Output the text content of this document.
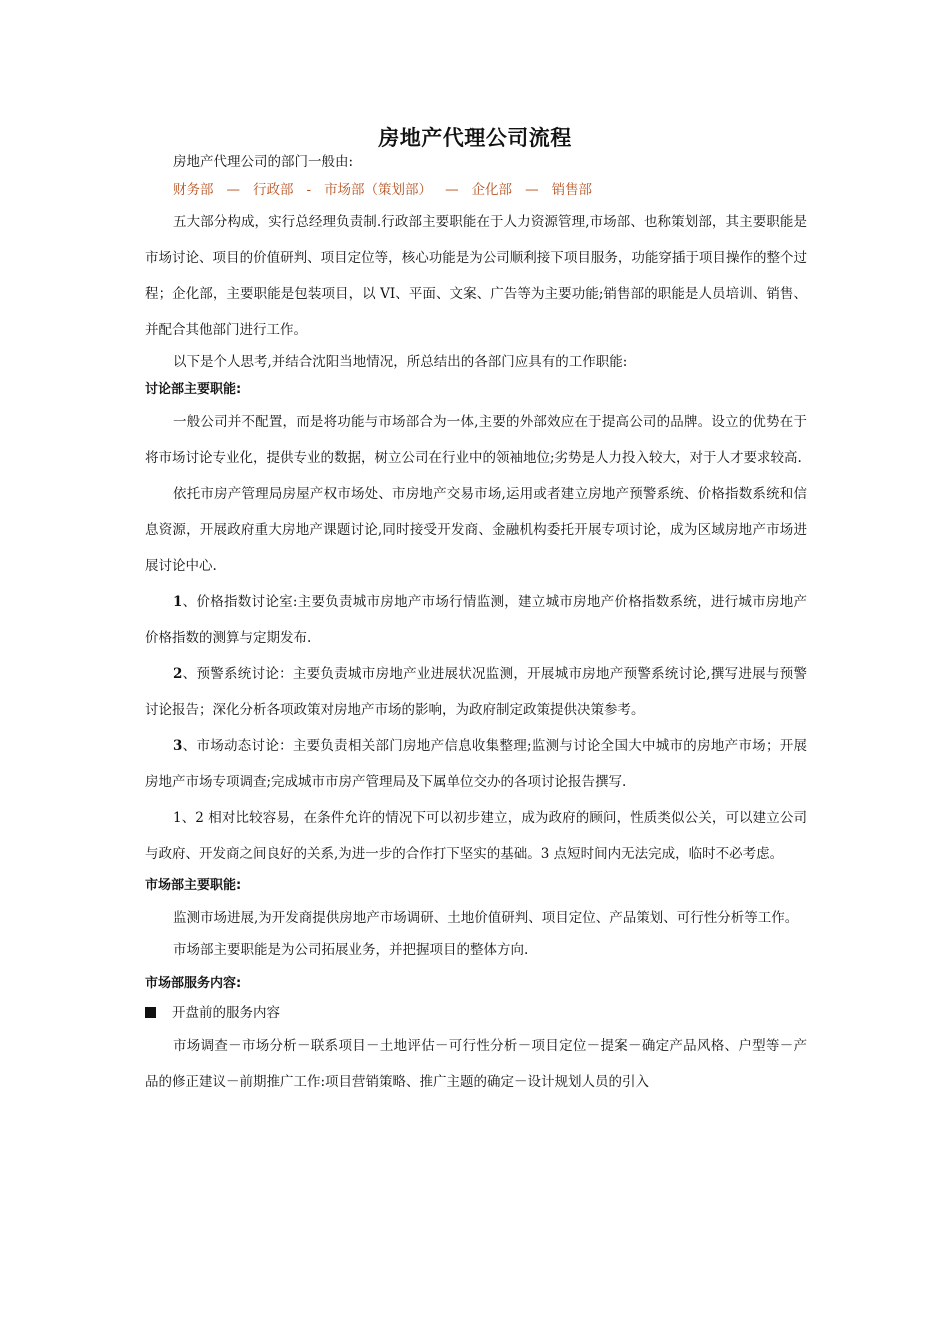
房地产代理公司流程

房地产代理公司的部门一般由:

财务部 — 行政部 - 市场部（策划部） — 企化部 — 销售部

五大部分构成，实行总经理负责制.行政部主要职能在于人力资源管理,市场部、也称策划部，其主要职能是市场讨论、项目的价值研判、项目定位等，核心功能是为公司顺利接下项目服务，功能穿插于项目操作的整个过程；企化部，主要职能是包装项目，以 VI、平面、文案、广告等为主要功能;销售部的职能是人员培训、销售、并配合其他部门进行工作。

以下是个人思考,并结合沈阳当地情况，所总结出的各部门应具有的工作职能:

讨论部主要职能:

一般公司并不配置，而是将功能与市场部合为一体,主要的外部效应在于提高公司的品牌。设立的优势在于将市场讨论专业化，提供专业的数据，树立公司在行业中的领袖地位;劣势是人力投入较大，对于人才要求较高.

依托市房产管理局房屋产权市场处、市房地产交易市场,运用或者建立房地产预警系统、价格指数系统和信息资源，开展政府重大房地产课题讨论,同时接受开发商、金融机构委托开展专项讨论，成为区域房地产市场进展讨论中心.

1、价格指数讨论室:主要负责城市房地产市场行情监测，建立城市房地产价格指数系统，进行城市房地产价格指数的测算与定期发布.

2、预警系统讨论：主要负责城市房地产业进展状况监测，开展城市房地产预警系统讨论,撰写进展与预警讨论报告；深化分析各项政策对房地产市场的影响，为政府制定政策提供决策参考。

3、市场动态讨论：主要负责相关部门房地产信息收集整理;监测与讨论全国大中城市的房地产市场；开展房地产市场专项调查;完成城市市房产管理局及下属单位交办的各项讨论报告撰写.

1、2 相对比较容易，在条件允许的情况下可以初步建立，成为政府的顾问，性质类似公关，可以建立公司与政府、开发商之间良好的关系,为进一步的合作打下坚实的基础。3 点短时间内无法完成，临时不必考虑。

市场部主要职能:

监测市场进展,为开发商提供房地产市场调研、土地价值研判、项目定位、产品策划、可行性分析等工作。

市场部主要职能是为公司拓展业务，并把握项目的整体方向.

市场部服务内容:

开盘前的服务内容

市场调查－市场分析－联系项目－土地评估－可行性分析－项目定位－提案－确定产品风格、户型等－产品的修正建议－前期推广工作:项目营销策略、推广主题的确定－设计规划人员的引入
